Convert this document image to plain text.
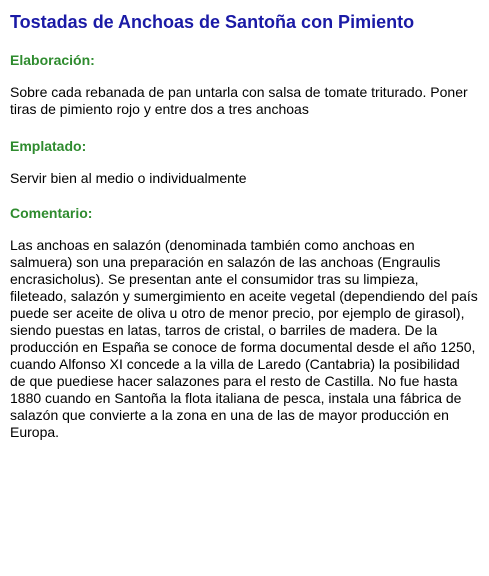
Tostadas de Anchoas de Santoña con Pimiento
Elaboración:

Sobre cada rebanada de pan untarla con salsa de tomate triturado. Poner tiras de pimiento rojo y entre dos a tres anchoas

Emplatado:

Servir bien al medio o individualmente

Comentario:

Las anchoas en salazón (denominada también como anchoas en salmuera) son una preparación en salazón de las anchoas (Engraulis encrasicholus). Se presentan ante el consumidor tras su limpieza, fileteado, salazón y sumergimiento en aceite vegetal (dependiendo del país puede ser aceite de oliva u otro de menor precio, por ejemplo de girasol), siendo puestas en latas, tarros de cristal, o barriles de madera. De la producción en España se conoce de forma documental desde el año 1250, cuando Alfonso XI concede a la villa de Laredo (Cantabria) la posibilidad de que puediese hacer salazones para el resto de Castilla. No fue hasta 1880 cuando en Santoña la flota italiana de pesca, instala una fábrica de salazón que convierte a la zona en una de las de mayor producción en Europa.
